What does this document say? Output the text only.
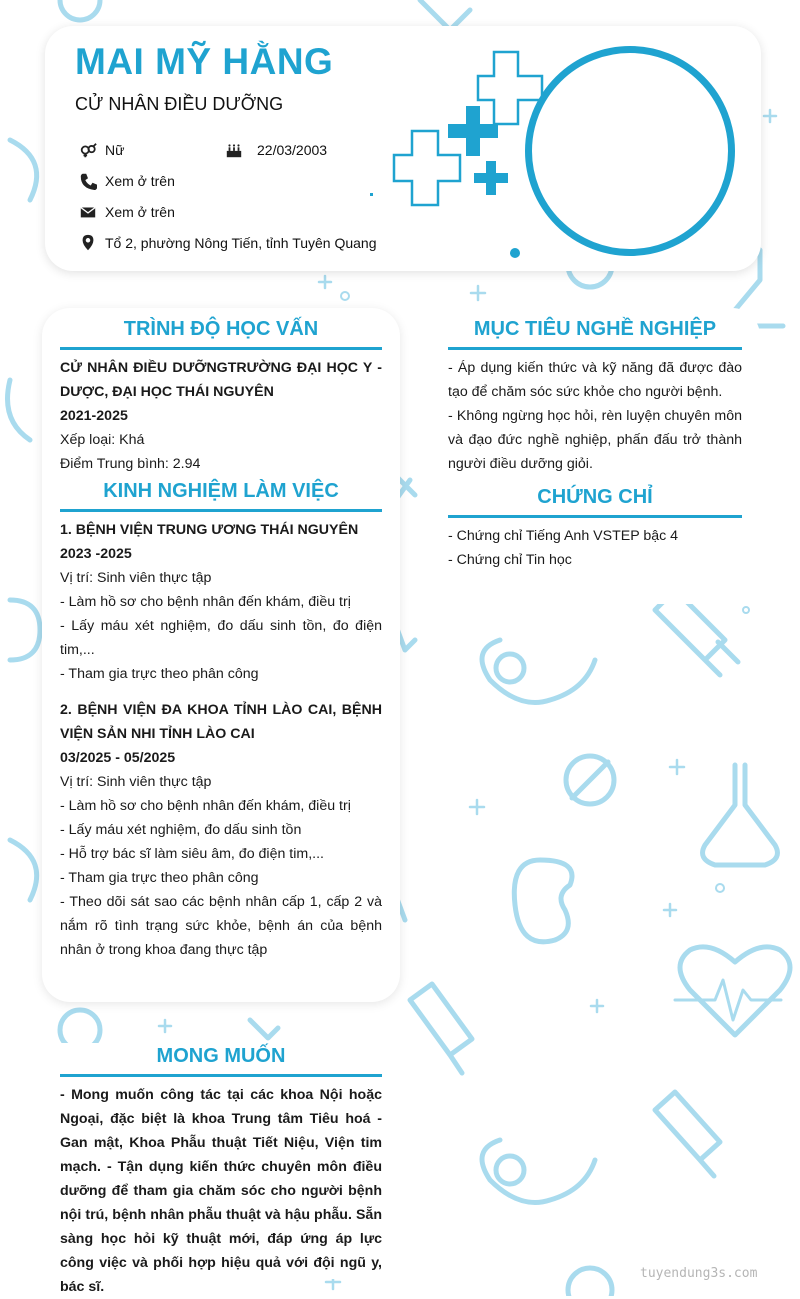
MAI MỸ HẰNG
CỬ NHÂN ĐIỀU DƯỠNG
Nữ	22/03/2003
Xem ở trên
Xem ở trên
Tổ 2, phường Nông Tiến, tỉnh Tuyên Quang
TRÌNH ĐỘ HỌC VẤN

CỬ NHÂN ĐIỀU DƯỠNGTRƯỜNG ĐẠI HỌC Y - DƯỢC, ĐẠI HỌC THÁI NGUYÊN

2021-2025

Xếp loại: Khá

Điểm Trung bình: 2.94

KINH NGHIỆM LÀM VIỆC

1. BỆNH VIỆN TRUNG ƯƠNG THÁI NGUYÊN

2023 -2025

Vị trí: Sinh viên thực tập

- Làm hồ sơ cho bệnh nhân đến khám, điều trị

- Lấy máu xét nghiệm, đo dấu sinh tồn, đo điện tim,...

- Tham gia trực theo phân công

2. BỆNH VIỆN ĐA KHOA TỈNH LÀO CAI, BỆNH VIỆN SẢN NHI TỈNH LÀO CAI

03/2025 - 05/2025

Vị trí: Sinh viên thực tập

- Làm hồ sơ cho bệnh nhân đến khám, điều trị

- Lấy máu xét nghiệm, đo dấu sinh tồn

- Hỗ trợ bác sĩ làm siêu âm, đo điện tim,...

- Tham gia trực theo phân công

- Theo dõi sát sao các bệnh nhân cấp 1, cấp 2 và nắm rõ tình trạng sức khỏe, bệnh án của bệnh nhân ở trong khoa đang thực tập

MỤC TIÊU NGHỀ NGHIỆP

- Áp dụng kiến thức và kỹ năng đã được đào tạo để chăm sóc sức khỏe cho người bệnh.

- Không ngừng học hỏi, rèn luyện chuyên môn và đạo đức nghề nghiệp, phấn đấu trở thành người điều dưỡng giỏi.

CHỨNG CHỈ

- Chứng chỉ Tiếng Anh VSTEP bậc 4

- Chứng chỉ Tin học

MONG MUỐN

- Mong muốn công tác tại các khoa Nội hoặc Ngoại, đặc biệt là khoa Trung tâm Tiêu hoá - Gan mật, Khoa Phẫu thuật Tiết Niệu, Viện tim mạch. - Tận dụng kiến thức chuyên môn điều dưỡng để tham gia chăm sóc cho người bệnh nội trú, bệnh nhân phẫu thuật và hậu phẫu. Sẵn sàng học hỏi kỹ thuật mới, đáp ứng áp lực công việc và phối hợp hiệu quả với đội ngũ y, bác sĩ.

tuyendung3s.com
